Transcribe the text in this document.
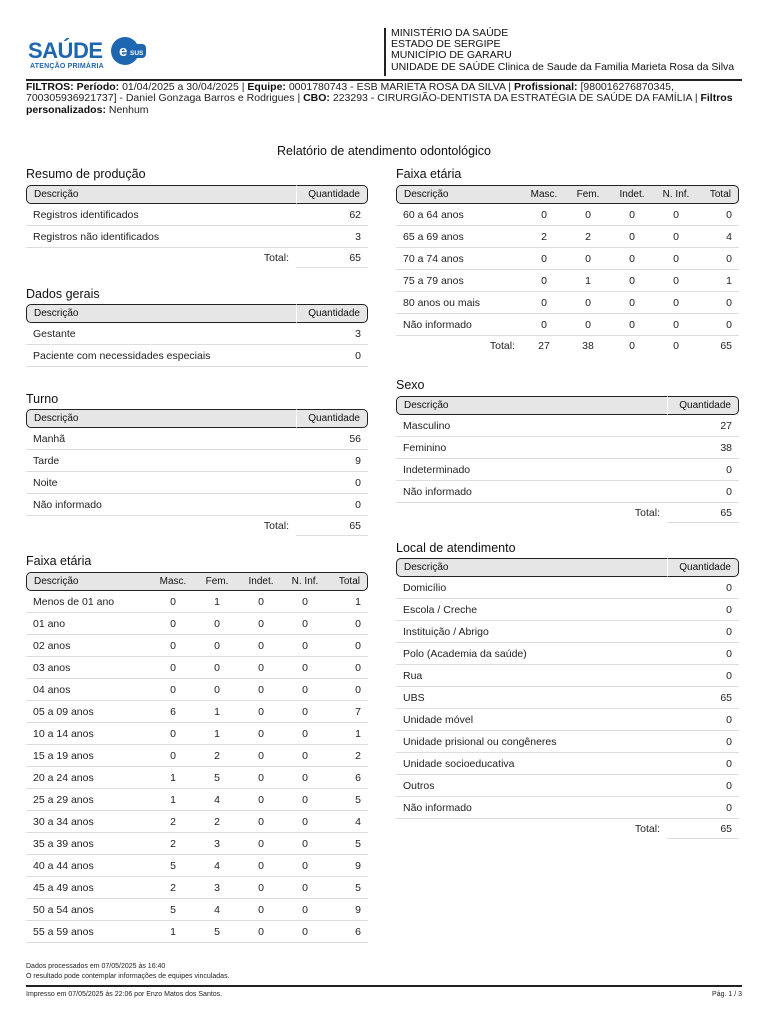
SAÚDE e SUS
ATENÇÃO PRIMÁRIA
MINISTÉRIO DA SAÚDE
ESTADO DE SERGIPE
MUNICÍPIO DE GARARU
UNIDADE DE SAÚDE Clinica de Saude da Familia Marieta Rosa da Silva
FILTROS: Período: 01/04/2025 a 30/04/2025 | Equipe: 0001780743 - ESB MARIETA ROSA DA SILVA | Profissional: [980016276870345, 700305936921737] - Daniel Gonzaga Barros e Rodrigues | CBO: 223293 - CIRURGIÃO-DENTISTA DA ESTRATÉGIA DE SAÚDE DA FAMÍLIA | Filtros personalizados: Nenhum
Relatório de atendimento odontológico
Resumo de produção
Descrição	Quantidade
Registros identificados	62
Registros não identificados	3
Total:	65
Dados gerais
Descrição	Quantidade
Gestante	3
Paciente com necessidades especiais	0
Turno
Descrição	Quantidade
Manhã	56
Tarde	9
Noite	0
Não informado	0
Total:	65
Faixa etária
Descrição	Masc.	Fem.	Indet.	N. Inf.	Total
Menos de 01 ano	0	1	0	0	1
01 ano	0	0	0	0	0
02 anos	0	0	0	0	0
03 anos	0	0	0	0	0
04 anos	0	0	0	0	0
05 a 09 anos	6	1	0	0	7
10 a 14 anos	0	1	0	0	1
15 a 19 anos	0	2	0	0	2
20 a 24 anos	1	5	0	0	6
25 a 29 anos	1	4	0	0	5
30 a 34 anos	2	2	0	0	4
35 a 39 anos	2	3	0	0	5
40 a 44 anos	5	4	0	0	9
45 a 49 anos	2	3	0	0	5
50 a 54 anos	5	4	0	0	9
55 a 59 anos	1	5	0	0	6
Faixa etária
Descrição	Masc.	Fem.	Indet.	N. Inf.	Total
60 a 64 anos	0	0	0	0	0
65 a 69 anos	2	2	0	0	4
70 a 74 anos	0	0	0	0	0
75 a 79 anos	0	1	0	0	1
80 anos ou mais	0	0	0	0	0
Não informado	0	0	0	0	0
Total:	27	38	0	0	65
Sexo
Descrição	Quantidade
Masculino	27
Feminino	38
Indeterminado	0
Não informado	0
Total:	65
Local de atendimento
Descrição	Quantidade
Domicílio	0
Escola / Creche	0
Instituição / Abrigo	0
Polo (Academia da saúde)	0
Rua	0
UBS	65
Unidade móvel	0
Unidade prisional ou congêneres	0
Unidade socioeducativa	0
Outros	0
Não informado	0
Total:	65
Dados processados em 07/05/2025 às 16:40
O resultado pode contemplar informações de equipes vinculadas.
Impresso em 07/05/2025 às 22:06 por Enzo Matos dos Santos.	Pág. 1 / 3
